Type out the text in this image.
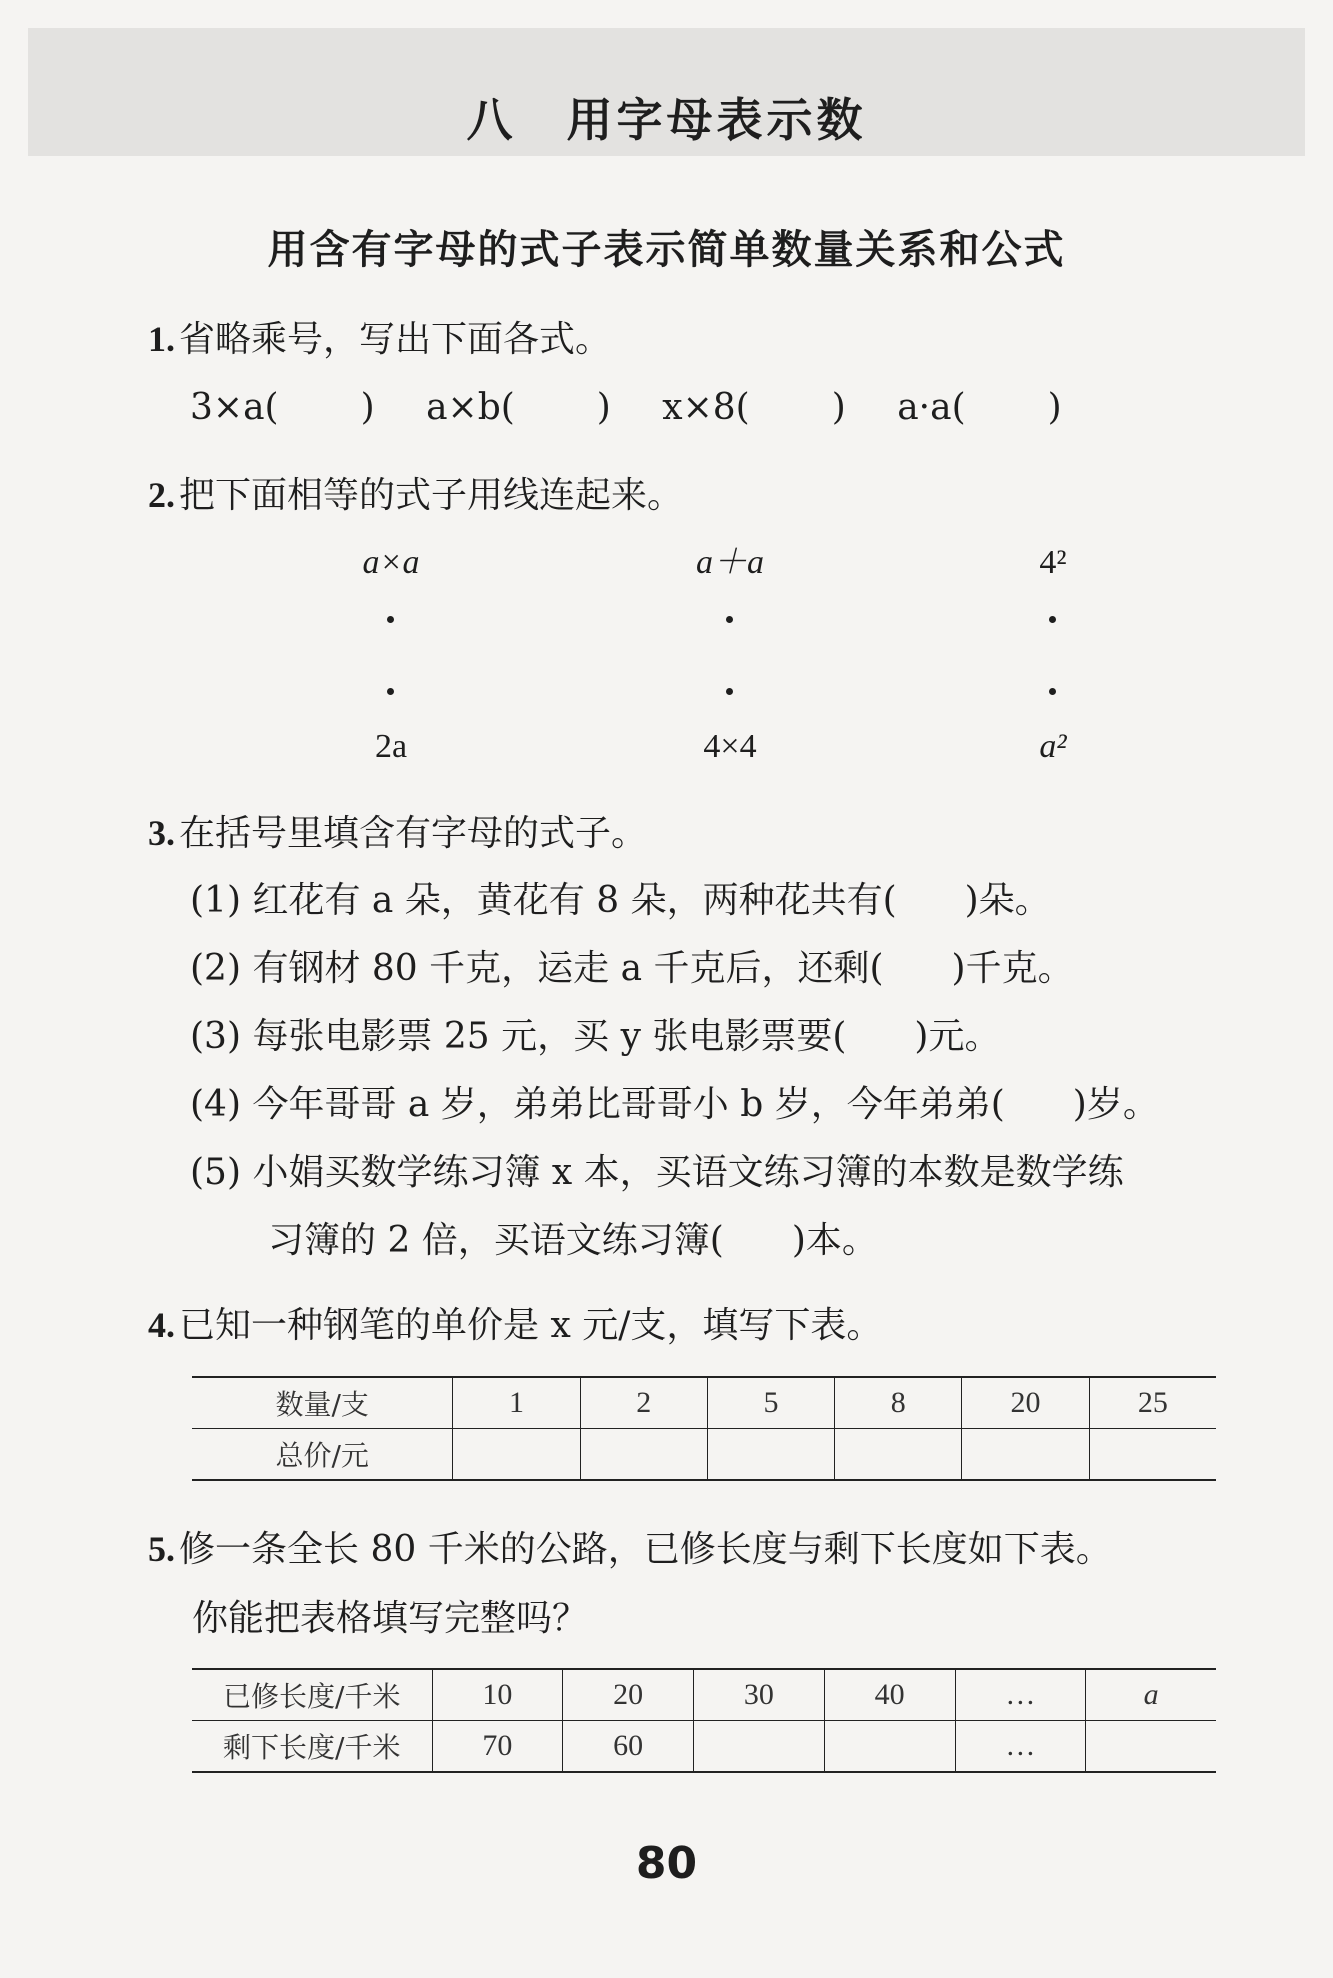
八　用字母表示数
用含有字母的式子表示简单数量关系和公式
1. 省略乘号，写出下面各式。
3×a( ) a×b( ) x×8( ) a·a( )
2. 把下面相等的式子用线连起来。
a×a	a＋a	4²
2a	4×4	a²
3. 在括号里填含有字母的式子。
(1) 红花有 a 朵，黄花有 8 朵，两种花共有( )朵。
(2) 有钢材 80 千克，运走 a 千克后，还剩( )千克。
(3) 每张电影票 25 元，买 y 张电影票要( )元。
(4) 今年哥哥 a 岁，弟弟比哥哥小 b 岁，今年弟弟( )岁。
(5) 小娟买数学练习簿 x 本，买语文练习簿的本数是数学练
习簿的 2 倍，买语文练习簿( )本。
4. 已知一种钢笔的单价是 x 元/支，填写下表。
数量/支	1	2	5	8	20	25
总价/元						
5. 修一条全长 80 千米的公路，已修长度与剩下长度如下表。
你能把表格填写完整吗？
已修长度/千米	10	20	30	40	…	a
剩下长度/千米	70	60			…	
80
